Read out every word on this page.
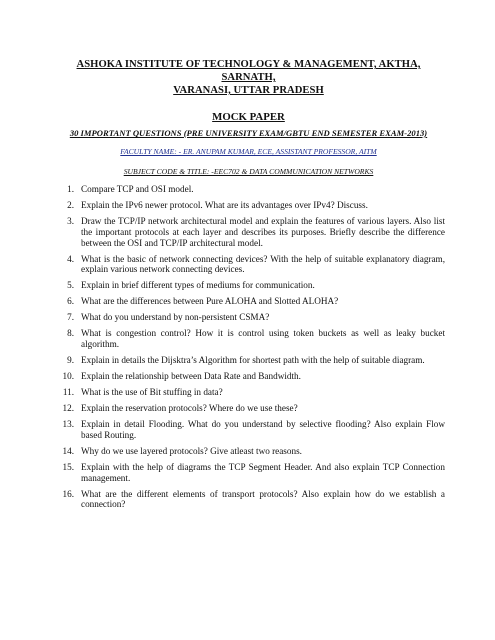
ASHOKA INSTITUTE OF TECHNOLOGY & MANAGEMENT, AKTHA, SARNATH,
VARANASI, UTTAR PRADESH
MOCK PAPER
30 IMPORTANT QUESTIONS (PRE UNIVERSITY EXAM/GBTU END SEMESTER EXAM-2013)
FACULTY NAME: - ER. ANUPAM KUMAR, ECE, ASSISTANT PROFESSOR, AITM
SUBJECT CODE & TITLE: -EEC702 & DATA COMMUNICATION NETWORKS
1. Compare TCP and OSI model.
2. Explain the IPv6 newer protocol. What are its advantages over IPv4? Discuss.
3. Draw the TCP/IP network architectural model and explain the features of various layers. Also list the important protocols at each layer and describes its purposes. Briefly describe the difference between the OSI and TCP/IP architectural model.
4. What is the basic of network connecting devices? With the help of suitable explanatory diagram, explain various network connecting devices.
5. Explain in brief different types of mediums for communication.
6. What are the differences between Pure ALOHA and Slotted ALOHA?
7. What do you understand by non-persistent CSMA?
8. What is congestion control? How it is control using token buckets as well as leaky bucket algorithm.
9. Explain in details the Dijsktra’s Algorithm for shortest path with the help of suitable diagram.
10. Explain the relationship between Data Rate and Bandwidth.
11. What is the use of Bit stuffing in data?
12. Explain the reservation protocols? Where do we use these?
13. Explain in detail Flooding. What do you understand by selective flooding? Also explain Flow based Routing.
14. Why do we use layered protocols? Give atleast two reasons.
15. Explain with the help of diagrams the TCP Segment Header. And also explain TCP Connection management.
16. What are the different elements of transport protocols? Also explain how do we establish a connection?
